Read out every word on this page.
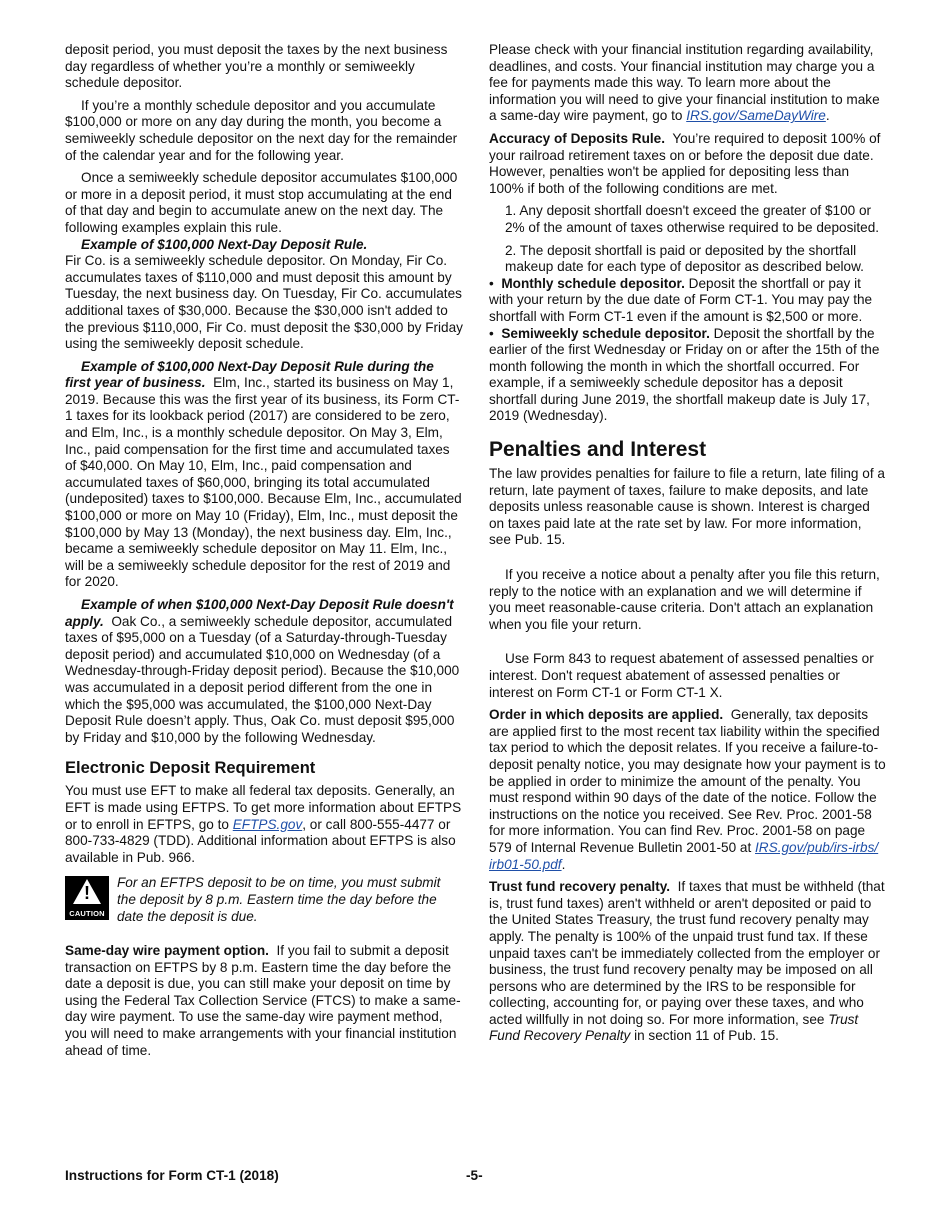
deposit period, you must deposit the taxes by the next business day regardless of whether you’re a monthly or semiweekly schedule depositor.

If you’re a monthly schedule depositor and you accumulate $100,000 or more on any day during the month, you become a semiweekly schedule depositor on the next day for the remainder of the calendar year and for the following year.

Once a semiweekly schedule depositor accumulates $100,000 or more in a deposit period, it must stop accumulating at the end of that day and begin to accumulate anew on the next day. The following examples explain this rule.

Example of $100,000 Next-Day Deposit Rule.
Fir Co. is a semiweekly schedule depositor. On Monday, Fir Co. accumulates taxes of $110,000 and must deposit this amount by Tuesday, the next business day. On Tuesday, Fir Co. accumulates additional taxes of $30,000. Because the $30,000 isn't added to the previous $110,000, Fir Co. must deposit the $30,000 by Friday using the semiweekly deposit schedule.

Example of $100,000 Next-Day Deposit Rule during the first year of business. Elm, Inc., started its business on May 1, 2019. Because this was the first year of its business, its Form CT-1 taxes for its lookback period (2017) are considered to be zero, and Elm, Inc., is a monthly schedule depositor. On May 3, Elm, Inc., paid compensation for the first time and accumulated taxes of $40,000. On May 10, Elm, Inc., paid compensation and accumulated taxes of $60,000, bringing its total accumulated (undeposited) taxes to $100,000. Because Elm, Inc., accumulated $100,000 or more on May 10 (Friday), Elm, Inc., must deposit the $100,000 by May 13 (Monday), the next business day. Elm, Inc., became a semiweekly schedule depositor on May 11. Elm, Inc., will be a semiweekly schedule depositor for the rest of 2019 and for 2020.

Example of when $100,000 Next-Day Deposit Rule doesn't apply. Oak Co., a semiweekly schedule depositor, accumulated taxes of $95,000 on a Tuesday (of a Saturday-through-Tuesday deposit period) and accumulated $10,000 on Wednesday (of a Wednesday-through-Friday deposit period). Because the $10,000 was accumulated in a deposit period different from the one in which the $95,000 was accumulated, the $100,000 Next-Day Deposit Rule doesn’t apply. Thus, Oak Co. must deposit $95,000 by Friday and $10,000 by the following Wednesday.

Electronic Deposit Requirement

You must use EFT to make all federal tax deposits. Generally, an EFT is made using EFTPS. To get more information about EFTPS or to enroll in EFTPS, go to EFTPS.gov, or call 800-555-4477 or 800-733-4829 (TDD). Additional information about EFTPS is also available in Pub. 966.

!
CAUTION
For an EFTPS deposit to be on time, you must submit the deposit by 8 p.m. Eastern time the day before the date the deposit is due.

Same-day wire payment option. If you fail to submit a deposit transaction on EFTPS by 8 p.m. Eastern time the day before the date a deposit is due, you can still make your deposit on time by using the Federal Tax Collection Service (FTCS) to make a same-day wire payment. To use the same-day wire payment method, you will need to make arrangements with your financial institution ahead of time.

Please check with your financial institution regarding availability, deadlines, and costs. Your financial institution may charge you a fee for payments made this way. To learn more about the information you will need to give your financial institution to make a same-day wire payment, go to IRS.gov/SameDayWire.

Accuracy of Deposits Rule. You’re required to deposit 100% of your railroad retirement taxes on or before the deposit due date. However, penalties won't be applied for depositing less than 100% if both of the following conditions are met.

1. Any deposit shortfall doesn't exceed the greater of $100 or 2% of the amount of taxes otherwise required to be deposited.

2. The deposit shortfall is paid or deposited by the shortfall makeup date for each type of depositor as described below.

• Monthly schedule depositor. Deposit the shortfall or pay it with your return by the due date of Form CT-1. You may pay the shortfall with Form CT-1 even if the amount is $2,500 or more.

• Semiweekly schedule depositor. Deposit the shortfall by the earlier of the first Wednesday or Friday on or after the 15th of the month following the month in which the shortfall occurred. For example, if a semiweekly schedule depositor has a deposit shortfall during June 2019, the shortfall makeup date is July 17, 2019 (Wednesday).

Penalties and Interest

The law provides penalties for failure to file a return, late filing of a return, late payment of taxes, failure to make deposits, and late deposits unless reasonable cause is shown. Interest is charged on taxes paid late at the rate set by law. For more information, see Pub. 15.

If you receive a notice about a penalty after you file this return, reply to the notice with an explanation and we will determine if you meet reasonable-cause criteria. Don't attach an explanation when you file your return.

Use Form 843 to request abatement of assessed penalties or interest. Don't request abatement of assessed penalties or interest on Form CT-1 or Form CT-1 X.

Order in which deposits are applied. Generally, tax deposits are applied first to the most recent tax liability within the specified tax period to which the deposit relates. If you receive a failure-to-deposit penalty notice, you may designate how your payment is to be applied in order to minimize the amount of the penalty. You must respond within 90 days of the date of the notice. Follow the instructions on the notice you received. See Rev. Proc. 2001-58 for more information. You can find Rev. Proc. 2001-58 on page 579 of Internal Revenue Bulletin 2001-50 at IRS.gov/pub/irs-irbs/ irb01-50.pdf.

Trust fund recovery penalty. If taxes that must be withheld (that is, trust fund taxes) aren't withheld or aren't deposited or paid to the United States Treasury, the trust fund recovery penalty may apply. The penalty is 100% of the unpaid trust fund tax. If these unpaid taxes can't be immediately collected from the employer or business, the trust fund recovery penalty may be imposed on all persons who are determined by the IRS to be responsible for collecting, accounting for, or paying over these taxes, and who acted willfully in not doing so. For more information, see Trust Fund Recovery Penalty in section 11 of Pub. 15.

Instructions for Form CT-1 (2018)	-5-
